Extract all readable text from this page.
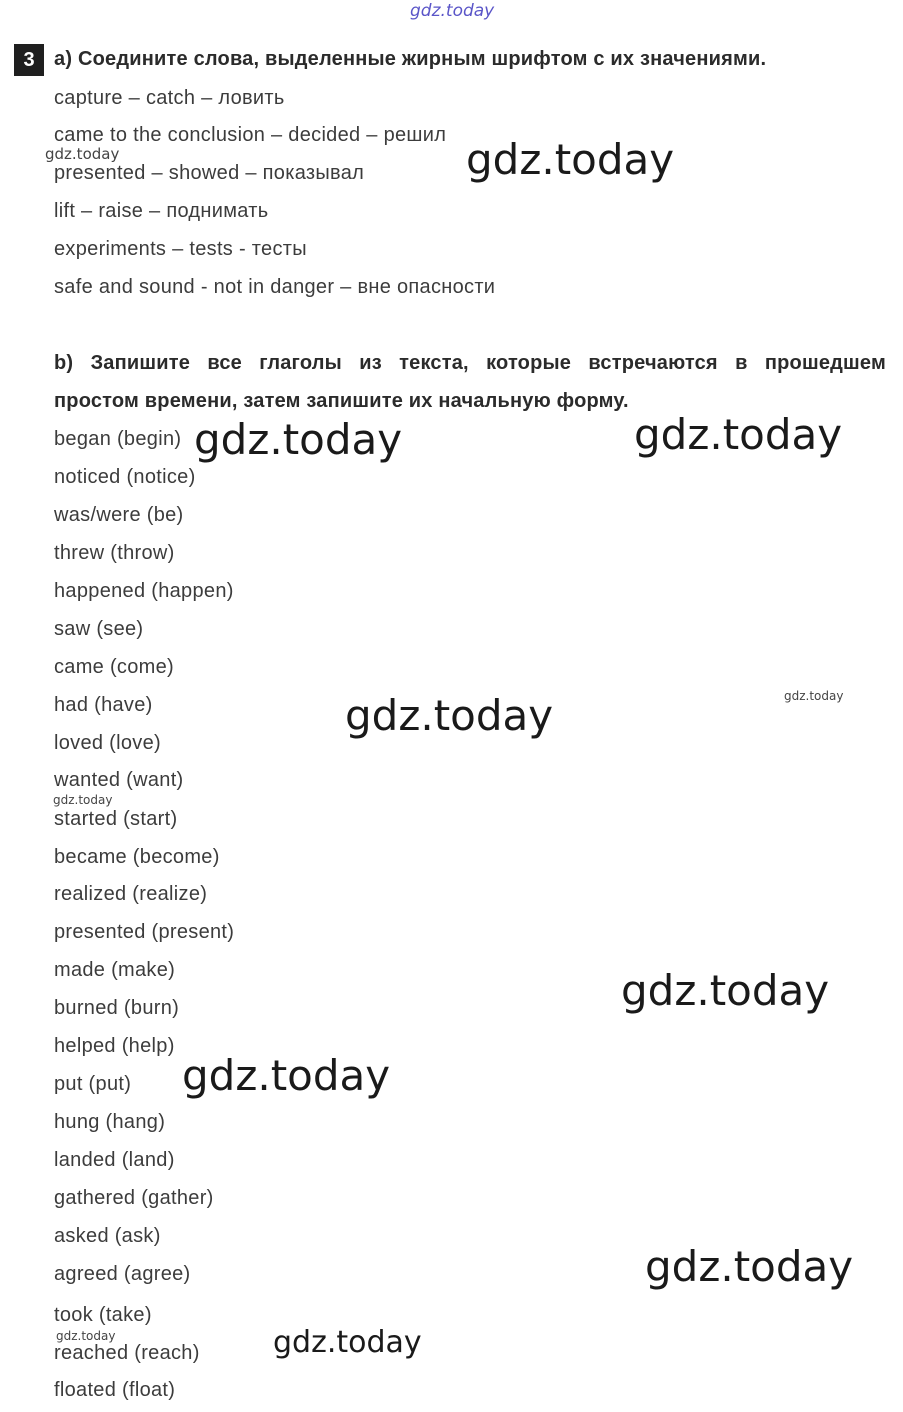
gdz.today
gdz.today
gdz.today
gdz.today	gdz.today
gdz.today	gdz.today
gdz.today
gdz.today
gdz.today
gdz.today
gdz.today	gdz.today
3 a) Соедините слова, выделенные жирным шрифтом с их значениями.
capture – catch – ловить
came to the conclusion – decided – решил
presented – showed – показывал
lift – raise – поднимать
experiments – tests - тесты
safe and sound - not in danger – вне опасности
b) Запишите все глаголы из текста, которые встречаются в прошедшем
простом времени, затем запишите их начальную форму.
began (begin)
noticed (notice)
was/were (be)
threw (throw)
happened (happen)
saw (see)
came (come)
had (have)
loved (love)
wanted (want)
started (start)
became (become)
realized (realize)
presented (present)
made (make)
burned (burn)
helped (help)
put (put)
hung (hang)
landed (land)
gathered (gather)
asked (ask)
agreed (agree)
took (take)
reached (reach)
floated (float)
